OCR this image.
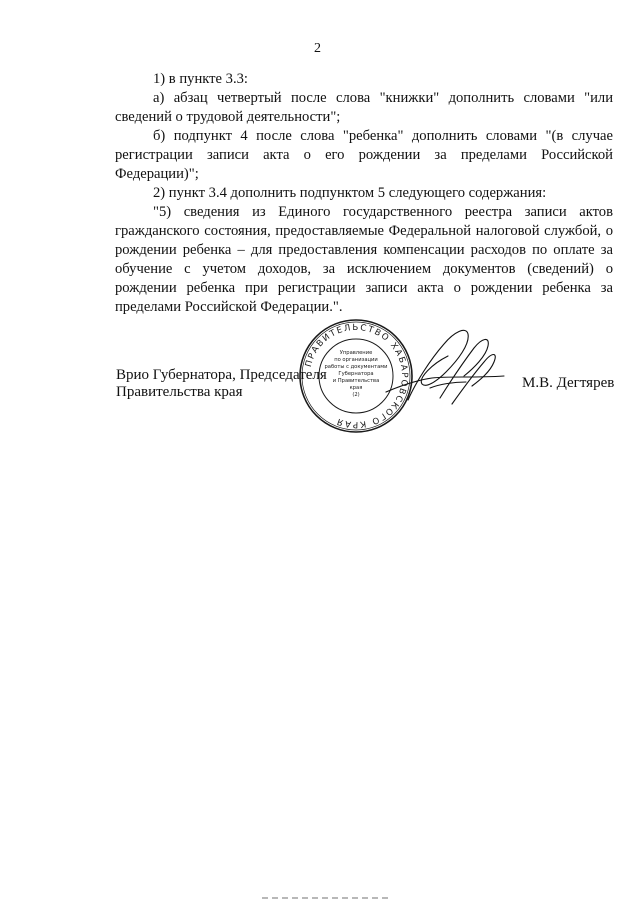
2

1) в пункте 3.3:

а) абзац четвертый после слова "книжки" дополнить словами "или сведений о трудовой деятельности";

б) подпункт 4 после слова "ребенка" дополнить словами "(в случае регистрации записи акта о его рождении за пределами Российской Федерации)";

2) пункт 3.4 дополнить подпунктом 5 следующего содержания:

"5) сведения из Единого государственного реестра записи актов гражданского состояния, предоставляемые Федеральной налоговой службой, о рождении ребенка – для предоставления компенсации расходов по оплате за обучение с учетом доходов, за исключением документов (сведений) о рождении ребенка при регистрации записи акта о рождении ребенка за пределами Российской Федерации.".

Врио Губернатора, Председателя
Правительства края
М.В. Дегтярев
ПРАВИТЕЛЬСТВО ХАБАРОВСКОГО КРАЯ
Управление
по организации
работы с документами
Губернатора
и Правительства
края
(2)
